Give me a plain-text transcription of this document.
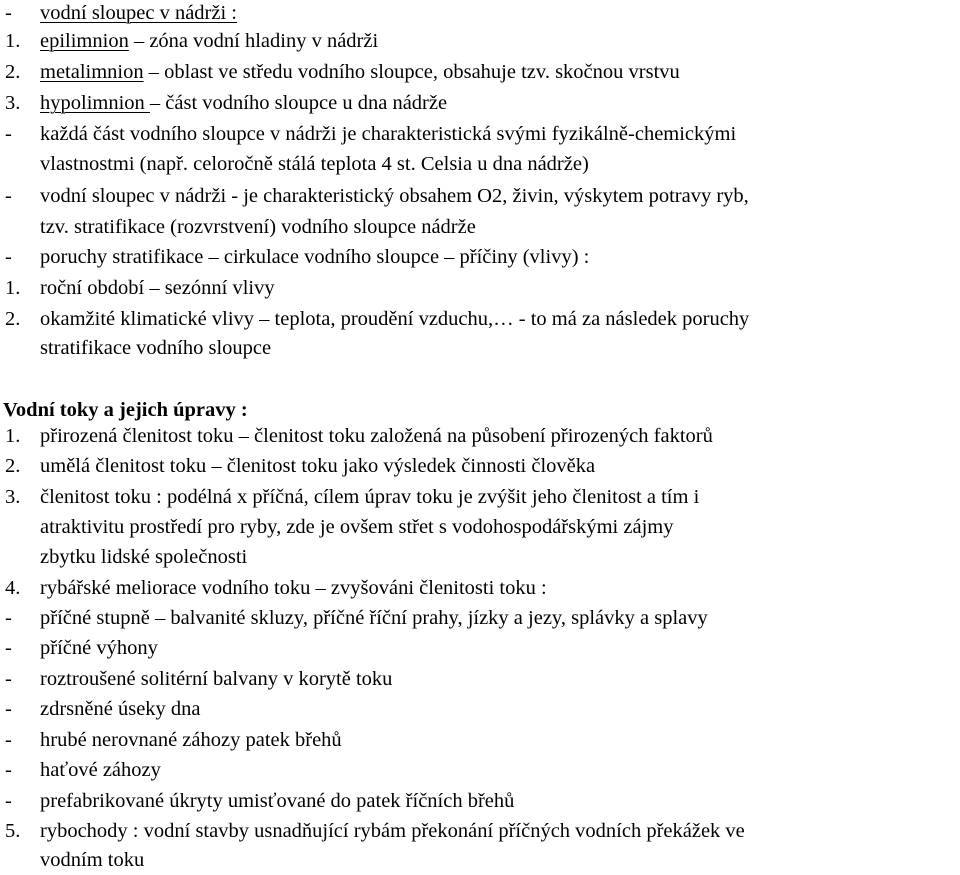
- vodní sloupec v nádrži :
1. epilimnion – zóna vodní hladiny v nádrži
2. metalimnion – oblast ve středu vodního sloupce, obsahuje tzv. skočnou vrstvu
3. hypolimnion – část vodního sloupce u dna nádrže
- každá část vodního sloupce v nádrži je charakteristická svými fyzikálně-chemickými
vlastnostmi (např. celoročně stálá teplota 4 st. Celsia u dna nádrže)
- vodní sloupec v nádrži - je charakteristický obsahem O2, živin, výskytem potravy ryb,
tzv. stratifikace (rozvrstvení) vodního sloupce nádrže
- poruchy stratifikace – cirkulace vodního sloupce – příčiny (vlivy) :
1. roční období – sezónní vlivy
2. okamžité klimatické vlivy – teplota, proudění vzduchu,… - to má za následek poruchy
stratifikace vodního sloupce
Vodní toky a jejich úpravy :
1. přirozená členitost toku – členitost toku založená na působení přirozených faktorů
2. umělá členitost toku – členitost toku jako výsledek činnosti člověka
3. členitost toku : podélná x příčná, cílem úprav toku je zvýšit jeho členitost a tím i
atraktivitu prostředí pro ryby, zde je ovšem střet s vodohospodářskými zájmy
zbytku lidské společnosti
4. rybářské meliorace vodního toku – zvyšováni členitosti toku :
- příčné stupně – balvanité skluzy, příčné říční prahy, jízky a jezy, splávky a splavy
- příčné výhony
- roztroušené solitérní balvany v korytě toku
- zdrsněné úseky dna
- hrubé nerovnané záhozy patek břehů
- haťové záhozy
- prefabrikované úkryty umisťované do patek říčních břehů
5. rybochody : vodní stavby usnadňující rybám překonání příčných vodních překážek ve
vodním toku
